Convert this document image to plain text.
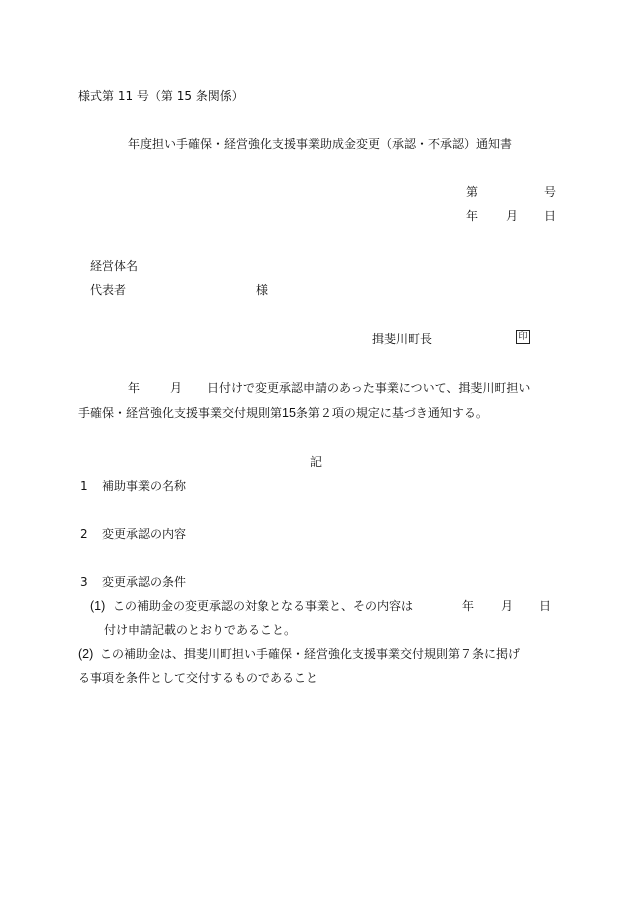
様式第 11 号（第 15 条関係）
年度担い手確保・経営強化支援事業助成金変更（承認・不承認）通知書
第	号
年 月 日
経営体名
代表者	様
揖斐川町長	印
年 月 日付けで変更承認申請のあった事業について、揖斐川町担い
手確保・経営強化支援事業交付規則第15条第２項の規定に基づき通知する。
記
1 補助事業の名称
2 変更承認の内容
3 変更承認の条件
(1) この補助金の変更承認の対象となる事業と、その内容は	年 月 日
付け申請記載のとおりであること。
(2) この補助金は、揖斐川町担い手確保・経営強化支援事業交付規則第７条に掲げ
る事項を条件として交付するものであること
